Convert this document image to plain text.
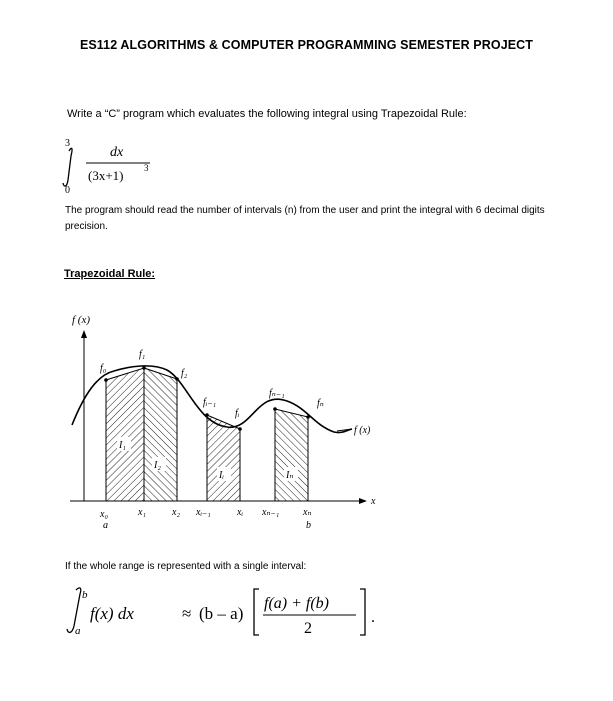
ES112 ALGORITHMS & COMPUTER PROGRAMMING SEMESTER PROJECT
Write a “C” program which evaluates the following integral using Trapezoidal Rule:
3
0
dx
(3x+1) 3
The program should read the number of intervals (n) from the user and print the integral with 6 decimal digits precision.
Trapezoidal Rule:
f (x)
x
f (x)
f₀
f₁
f₂
fᵢ₋₁
fᵢ
fₙ₋₁
fₙ
I₁
I₂
Iᵢ	Iₙ
x₀	x₁	x₂ xᵢ₋₁	xᵢ xₙ₋₁ xₙ
a	b
If the whole range is represented with a single interval:
b
a
f(x) dx	≈ (b – a)
f(a) + f(b)
2
.
